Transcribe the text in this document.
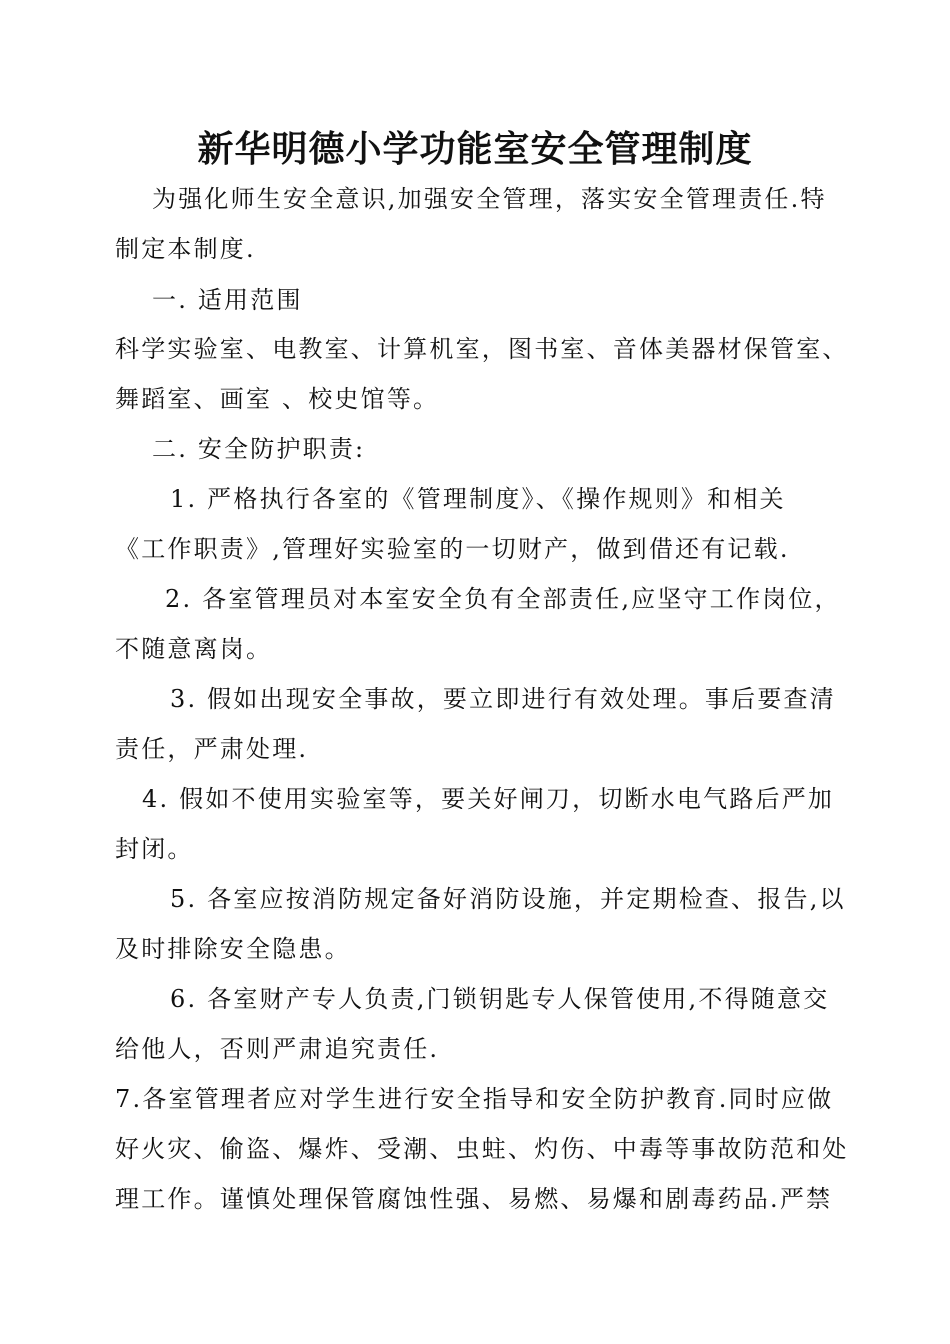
新华明德小学功能室安全管理制度
为强化师生安全意识,加强安全管理，落实安全管理责任.特
制定本制度.
一. 适用范围
科学实验室、电教室、计算机室，图书室、音体美器材保管室、
舞蹈室、画室 、校史馆等。
二. 安全防护职责:
1. 严格执行各室的《管理制度》、《操作规则》和相关
《工作职责》,管理好实验室的一切财产，做到借还有记载.
2. 各室管理员对本室安全负有全部责任,应坚守工作岗位，
不随意离岗。
3. 假如出现安全事故，要立即进行有效处理。事后要查清
责任，严肃处理.
4. 假如不使用实验室等，要关好闸刀，切断水电气路后严加
封闭。
5. 各室应按消防规定备好消防设施，并定期检查、报告,以
及时排除安全隐患。
6. 各室财产专人负责,门锁钥匙专人保管使用,不得随意交
给他人，否则严肃追究责任.
7.各室管理者应对学生进行安全指导和安全防护教育.同时应做
好火灾、偷盗、爆炸、受潮、虫蛀、灼伤、中毒等事故防范和处
理工作。谨慎处理保管腐蚀性强、易燃、易爆和剧毒药品.严禁
